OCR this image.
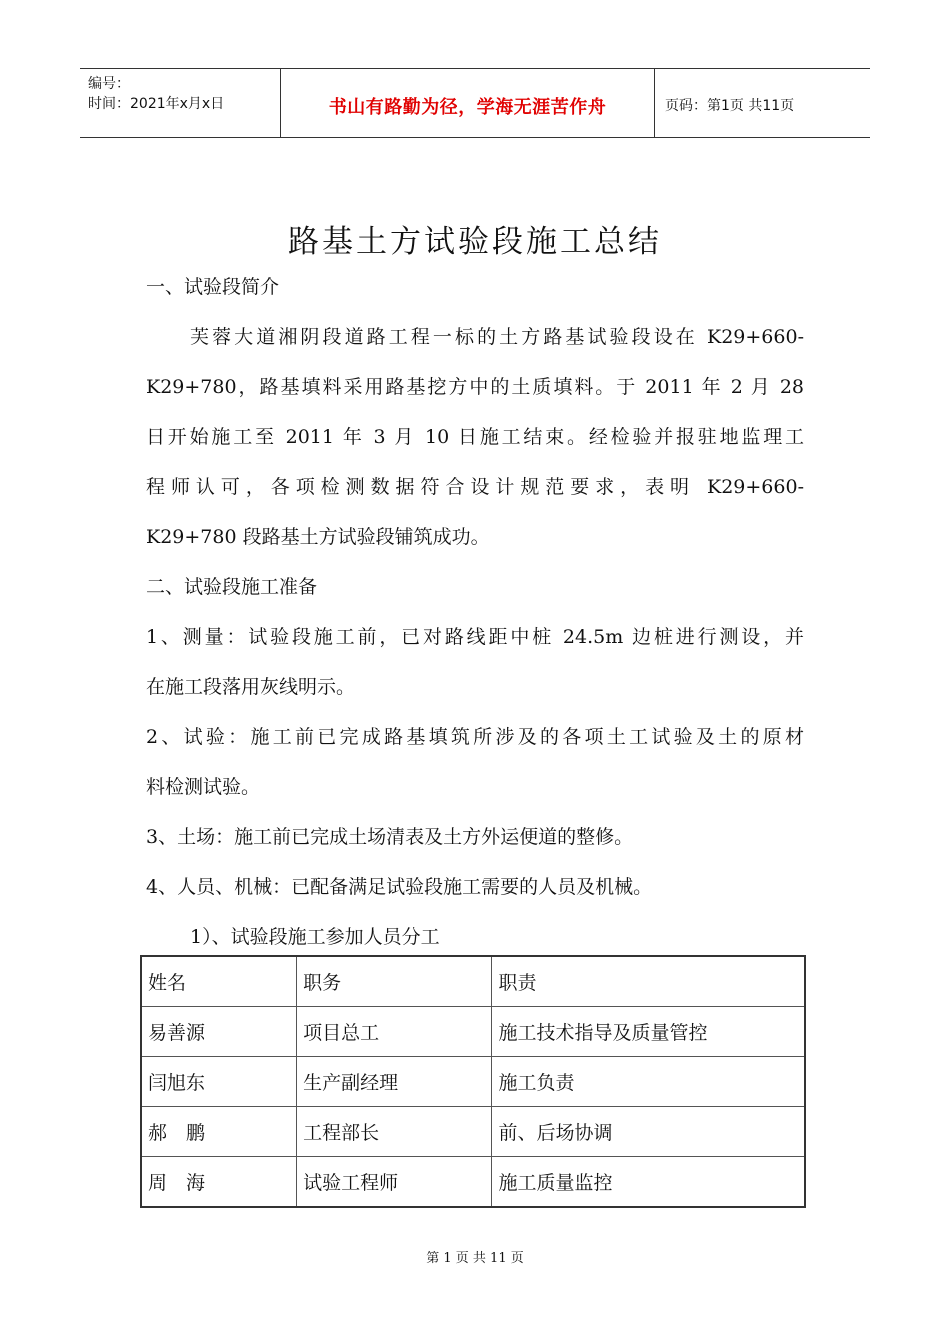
编号：
时间：2021年x月x日	书山有路勤为径，学海无涯苦作舟	页码：第1页 共11页
路基土方试验段施工总结
一、试验段简介
芙蓉大道湘阴段道路工程一标的土方路基试验段设在 K29+660-
K29+780，路基填料采用路基挖方中的土质填料。于 2011 年 2 月 28
日开始施工至 2011 年 3 月 10 日施工结束。经检验并报驻地监理工
程师认可，各项检测数据符合设计规范要求，表明 K29+660-
K29+780 段路基土方试验段铺筑成功。
二、试验段施工准备
1、测量：试验段施工前，已对路线距中桩 24.5m 边桩进行测设，并
在施工段落用灰线明示。
2、试验：施工前已完成路基填筑所涉及的各项土工试验及土的原材
料检测试验。
3、土场：施工前已完成土场清表及土方外运便道的整修。
4、人员、机械：已配备满足试验段施工需要的人员及机械。
1）、试验段施工参加人员分工
姓名	职务	职责
易善源	项目总工	施工技术指导及质量管控
闫旭东	生产副经理	施工负责
郝　鹏	工程部长	前、后场协调
周　海	试验工程师	施工质量监控
第 1 页 共 11 页
